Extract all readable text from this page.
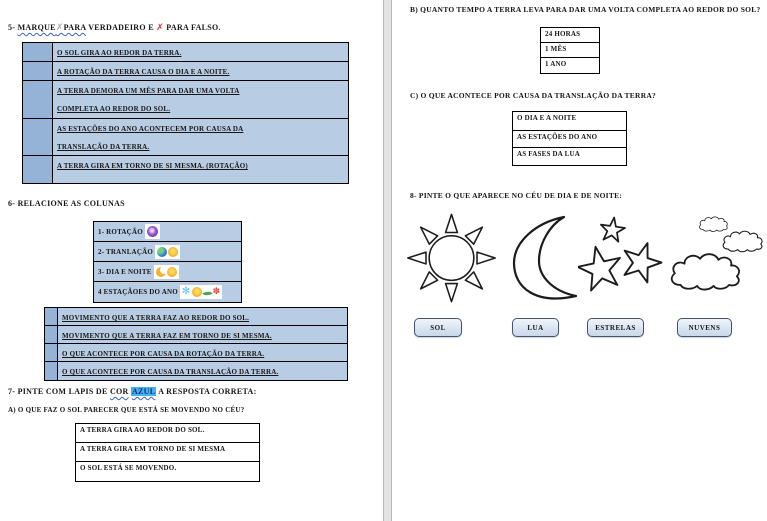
5- MARQUE✗PARA VERDADEIRO E ✗ PARA FALSO.
O SOL GIRA AO REDOR DA TERRA.
A ROTAÇÃO DA TERRA CAUSA O DIA E A NOITE.
A TERRA DEMORA UM MÊS PARA DAR UMA VOLTA COMPLETA AO REDOR DO SOL.
AS ESTAÇÕES DO ANO ACONTECEM POR CAUSA DA TRANSLAÇÃO DA TERRA.
A TERRA GIRA EM TORNO DE SI MESMA. (ROTAÇÃO)
6- RELACIONE AS COLUNAS
1- ROTAÇÃO
2- TRANLAÇÃO
3- DIA E NOITE
4 ESTAÇÃOES DO ANO
✻
✽
MOVIMENTO QUE A TERRA FAZ AO REDOR DO SOL.
MOVIMENTO QUE A TERRA FAZ EM TORNO DE SI MESMA.
O QUE ACONTECE POR CAUSA DA ROTAÇÃO DA TERRA.
O QUE ACONTECE POR CAUSA DA TRANSLAÇÃO DA TERRA.
7- PINTE COM LAPIS DE COR AZUL A RESPOSTA CORRETA:
A) O QUE FAZ O SOL PARECER QUE ESTÁ SE MOVENDO NO CÉU?
A TERRA GIRA AO REDOR DO SOL.
A TERRA GIRA EM TORNO DE SI MESMA
O SOL ESTÁ SE MOVENDO.
B) QUANTO TEMPO A TERRA LEVA PARA DAR UMA VOLTA COMPLETA AO REDOR DO SOL?
24 HORAS
1 MÊS
1 ANO
C) O QUE ACONTECE POR CAUSA DA TRANSLAÇÃO DA TERRA?
O DIA E A NOITE
AS ESTAÇÕES DO ANO
AS FASES DA LUA
8- PINTE O QUE APARECE NO CÉU DE DIA E DE NOITE:
SOL	LUA	ESTRELAS	NUVENS
